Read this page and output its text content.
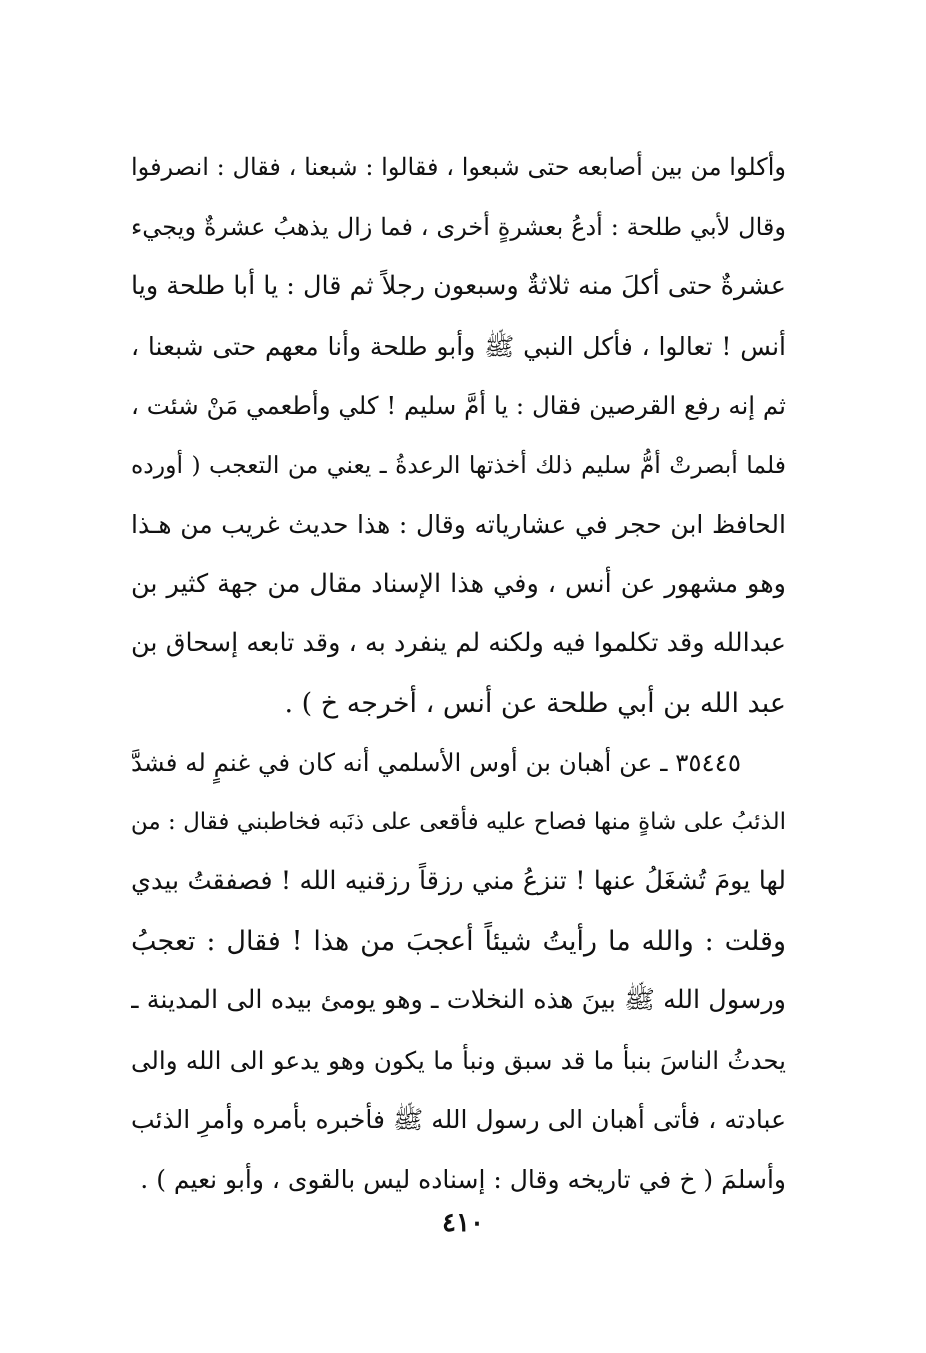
وأكلوا من بين أصابعه حتى شبعوا ، فقالوا : شبعنا ، فقال : انصرفوا
وقال لأبي طلحة : أدعُ بعشرةٍ أخرى ، فما زال يذهبُ عشرةٌ ويجيء
عشرةٌ حتى أكلَ منه ثلاثةٌ وسبعون رجلاً ثم قال : يا أبا طلحة ويا
أنس ! تعالوا ، فأكل النبي ﷺ وأبو طلحة وأنا معهم حتى شبعنا ،
ثم إنه رفع القرصين فقال : يا أمَّ سليم ! كلي وأطعمي مَنْ شئت ،
فلما أبصرتْ أمُّ سليم ذلك أخذتها الرعدةُ ـ يعني من التعجب ( أورده
الحافظ ابن حجر في عشارياته وقال : هذا حديث غريب من هـذا
وهو مشهور عن أنس ، وفي هذا الإسناد مقال من جهة كثير بن
عبدالله وقد تكلموا فيه ولكنه لم ينفرد به ، وقد تابعه إسحاق بن
عبد الله بن أبي طلحة عن أنس ، أخرجه خ ) .
٣٥٤٤٥ ـ عن أهبان بن أوس الأسلمي أنه كان في غنمٍ له فشدَّ
الذئبُ على شاةٍ منها فصاح عليه فأقعى على ذنَبه فخاطبني فقال : من
لها يومَ تُشغَلُ عنها ! تنزعُ مني رزقاً رزقنيه الله ! فصفقتُ بيدي
وقلت : والله ما رأيتُ شيئاً أعجبَ من هذا ! فقال : تعجبُ
ورسول الله ﷺ بينَ هذه النخلات ـ وهو يومئ بيده الى المدينة ـ
يحدثُ الناسَ بنبأ ما قد سبق ونبأ ما يكون وهو يدعو الى الله والى
عبادته ، فأتى أهبان الى رسول الله ﷺ فأخبره بأمره وأمرِ الذئب
وأسلمَ ( خ في تاريخه وقال : إسناده ليس بالقوى ، وأبو نعيم ) .
٤١٠
